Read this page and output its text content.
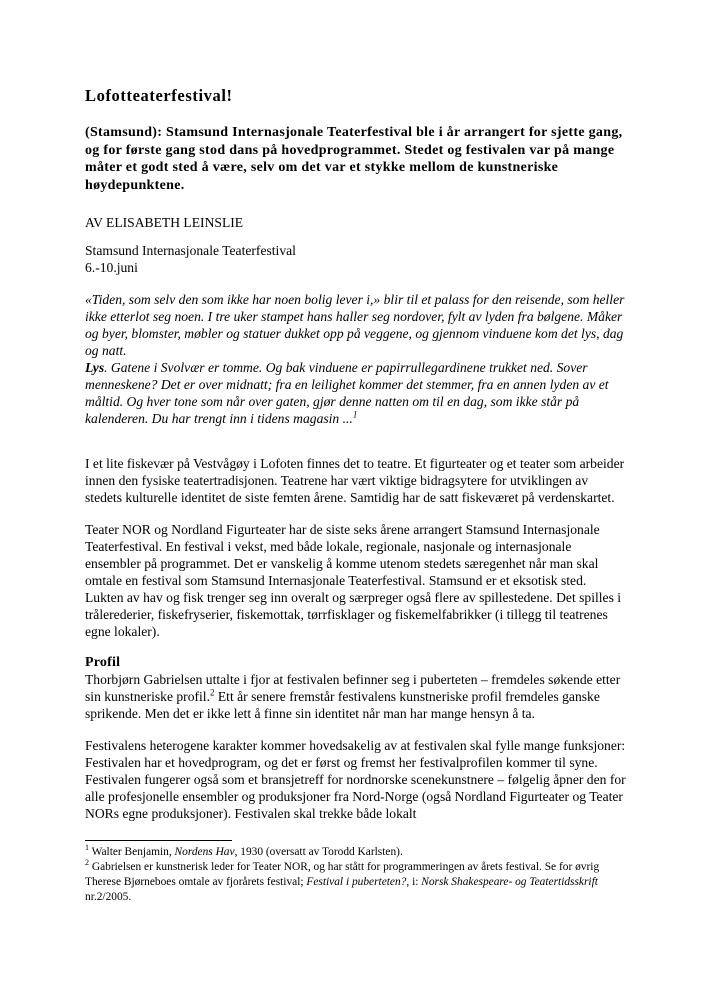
Lofotteaterfestival!

(Stamsund): Stamsund Internasjonale Teaterfestival ble i år arrangert for sjette gang, og for første gang stod dans på hovedprogrammet. Stedet og festivalen var på mange måter et godt sted å være, selv om det var et stykke mellom de kunstneriske høydepunktene.

AV ELISABETH LEINSLIE

Stamsund Internasjonale Teaterfestival
6.-10.juni

«Tiden, som selv den som ikke har noen bolig lever i,» blir til et palass for den reisende, som heller ikke etterlot seg noen. I tre uker stampet hans haller seg nordover, fylt av lyden fra bølgene. Måker og byer, blomster, møbler og statuer dukket opp på veggene, og gjennom vinduene kom det lys, dag og natt.
Lys. Gatene i Svolvær er tomme. Og bak vinduene er papirrullegardinene trukket ned. Sover menneskene? Det er over midnatt; fra en leilighet kommer det stemmer, fra en annen lyden av et måltid. Og hver tone som når over gaten, gjør denne natten om til en dag, som ikke står på kalenderen. Du har trengt inn i tidens magasin ...$^1$

I et lite fiskevær på Vestvågøy i Lofoten finnes det to teatre. Et figurteater og et teater som arbeider innen den fysiske teatertradisjonen. Teatrene har vært viktige bidragsytere for utviklingen av stedets kulturelle identitet de siste femten årene. Samtidig har de satt fiskeværet på verdenskartet.

Teater NOR og Nordland Figurteater har de siste seks årene arrangert Stamsund Internasjonale Teaterfestival. En festival i vekst, med både lokale, regionale, nasjonale og internasjonale ensembler på programmet. Det er vanskelig å komme utenom stedets særegenhet når man skal omtale en festival som Stamsund Internasjonale Teaterfestival. Stamsund er et eksotisk sted. Lukten av hav og fisk trenger seg inn overalt og særpreger også flere av spillestedene. Det spilles i trålerederier, fiskefryserier, fiskemottak, tørrfisklager og fiskemelfabrikker (i tillegg til teatrenes egne lokaler).

Profil

Thorbjørn Gabrielsen uttalte i fjor at festivalen befinner seg i puberteten – fremdeles søkende etter sin kunstneriske profil.$^2$ Ett år senere fremstår festivalens kunstneriske profil fremdeles ganske sprikende. Men det er ikke lett å finne sin identitet når man har mange hensyn å ta.

Festivalens heterogene karakter kommer hovedsakelig av at festivalen skal fylle mange funksjoner: Festivalen har et hovedprogram, og det er først og fremst her festivalprofilen kommer til syne. Festivalen fungerer også som et bransjetreff for nordnorske scenekunstnere – følgelig åpner den for alle profesjonelle ensembler og produksjoner fra Nord-Norge (også Nordland Figurteater og Teater NORs egne produksjoner). Festivalen skal trekke både lokalt

$^1$ Walter Benjamin, Nordens Hav, 1930 (oversatt av Torodd Karlsten).

$^2$ Gabrielsen er kunstnerisk leder for Teater NOR, og har stått for programmeringen av årets festival. Se for øvrig Therese Bjørneboes omtale av fjorårets festival; Festival i puberteten?, i: Norsk Shakespeare- og Teatertidsskrift nr.2/2005.
